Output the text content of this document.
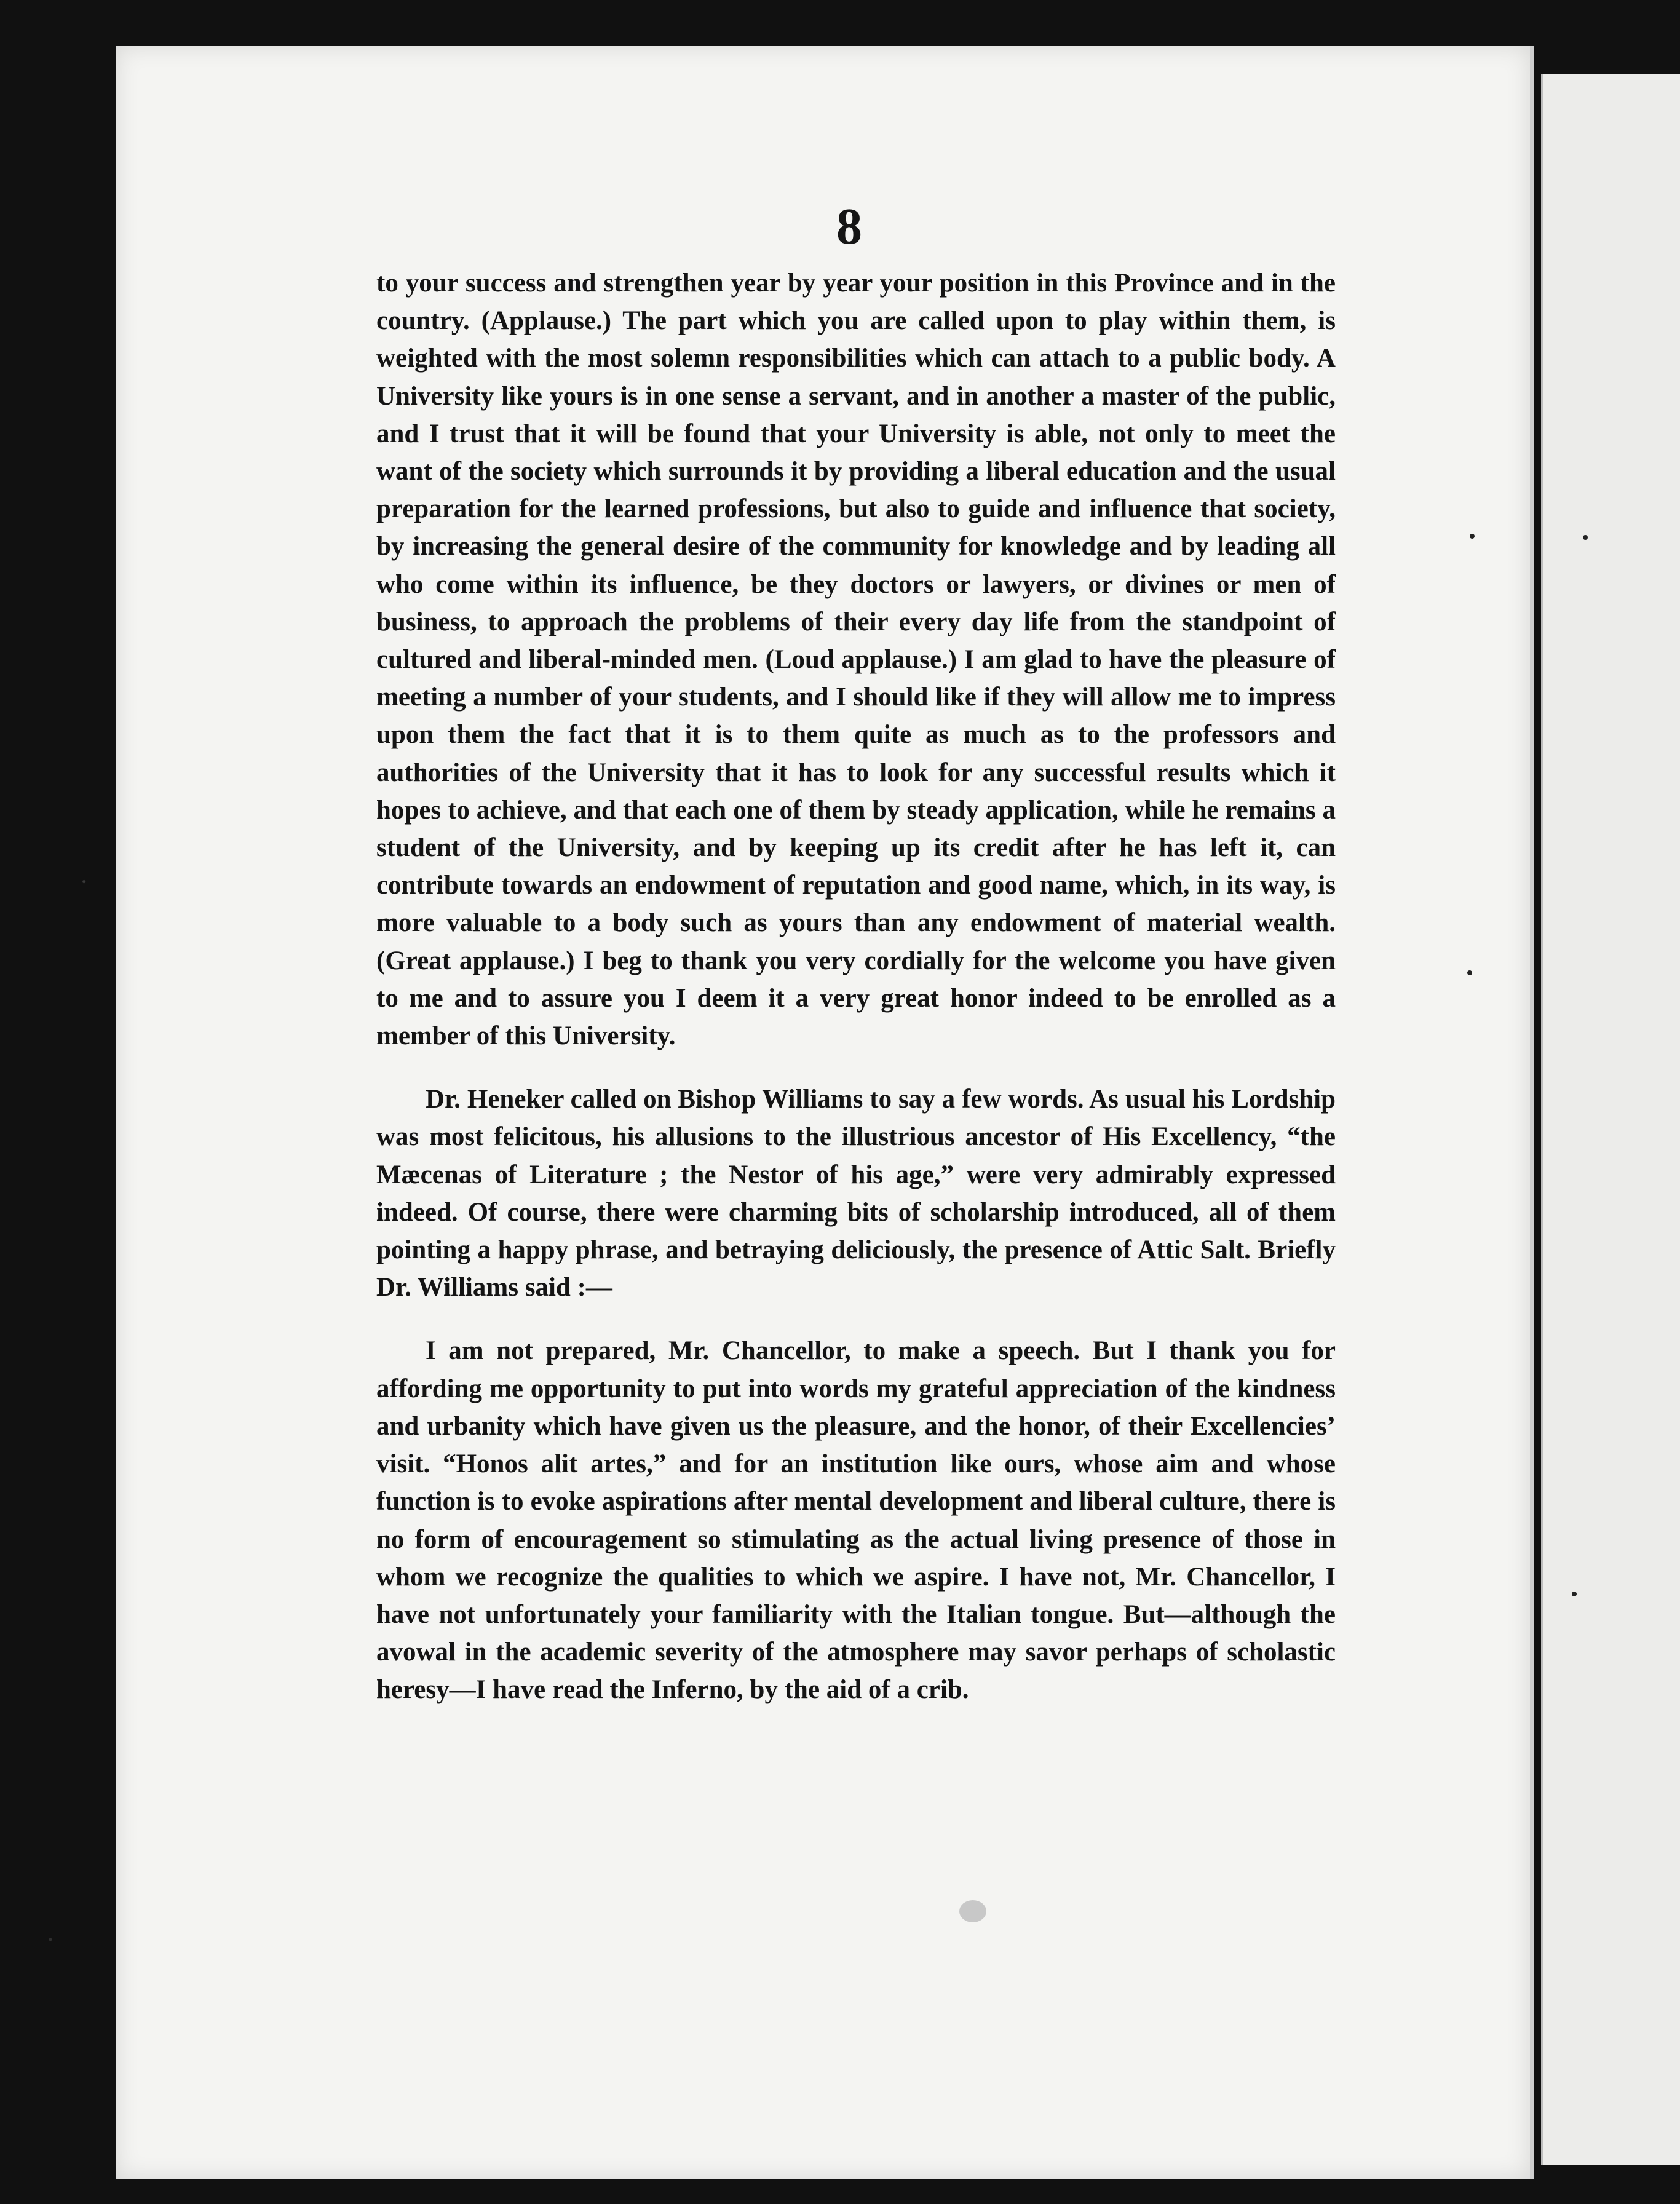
8

to your success and strengthen year by year your position in this Province and in the country. (Applause.) The part which you are called upon to play within them, is weighted with the most solemn responsibilities which can attach to a public body. A University like yours is in one sense a servant, and in another a master of the public, and I trust that it will be found that your University is able, not only to meet the want of the society which surrounds it by providing a liberal education and the usual preparation for the learned professions, but also to guide and influence that society, by increasing the general desire of the community for knowledge and by leading all who come within its influence, be they doctors or lawyers, or divines or men of business, to approach the problems of their every day life from the standpoint of cultured and liberal-minded men. (Loud applause.) I am glad to have the pleasure of meeting a number of your students, and I should like if they will allow me to impress upon them the fact that it is to them quite as much as to the professors and authorities of the University that it has to look for any successful results which it hopes to achieve, and that each one of them by steady application, while he remains a student of the University, and by keeping up its credit after he has left it, can contribute towards an endowment of reputation and good name, which, in its way, is more valuable to a body such as yours than any endowment of material wealth. (Great applause.) I beg to thank you very cordially for the welcome you have given to me and to assure you I deem it a very great honor indeed to be enrolled as a member of this University.

Dr. Heneker called on Bishop Williams to say a few words. As usual his Lordship was most felicitous, his allusions to the illustrious ancestor of His Excellency, “the Mæcenas of Literature ; the Nestor of his age,” were very admirably expressed indeed. Of course, there were charming bits of scholarship introduced, all of them pointing a happy phrase, and betraying deliciously, the presence of Attic Salt. Briefly Dr. Williams said :—

I am not prepared, Mr. Chancellor, to make a speech. But I thank you for affording me opportunity to put into words my grateful appreciation of the kindness and urbanity which have given us the pleasure, and the honor, of their Excellencies’ visit. “Honos alit artes,” and for an institution like ours, whose aim and whose function is to evoke aspirations after mental development and liberal culture, there is no form of encouragement so stimulating as the actual living presence of those in whom we recognize the qualities to which we aspire. I have not, Mr. Chancellor, I have not unfortunately your familiarity with the Italian tongue. But—although the avowal in the academic severity of the atmosphere may savor perhaps of scholastic heresy—I have read the Inferno, by the aid of a crib.
